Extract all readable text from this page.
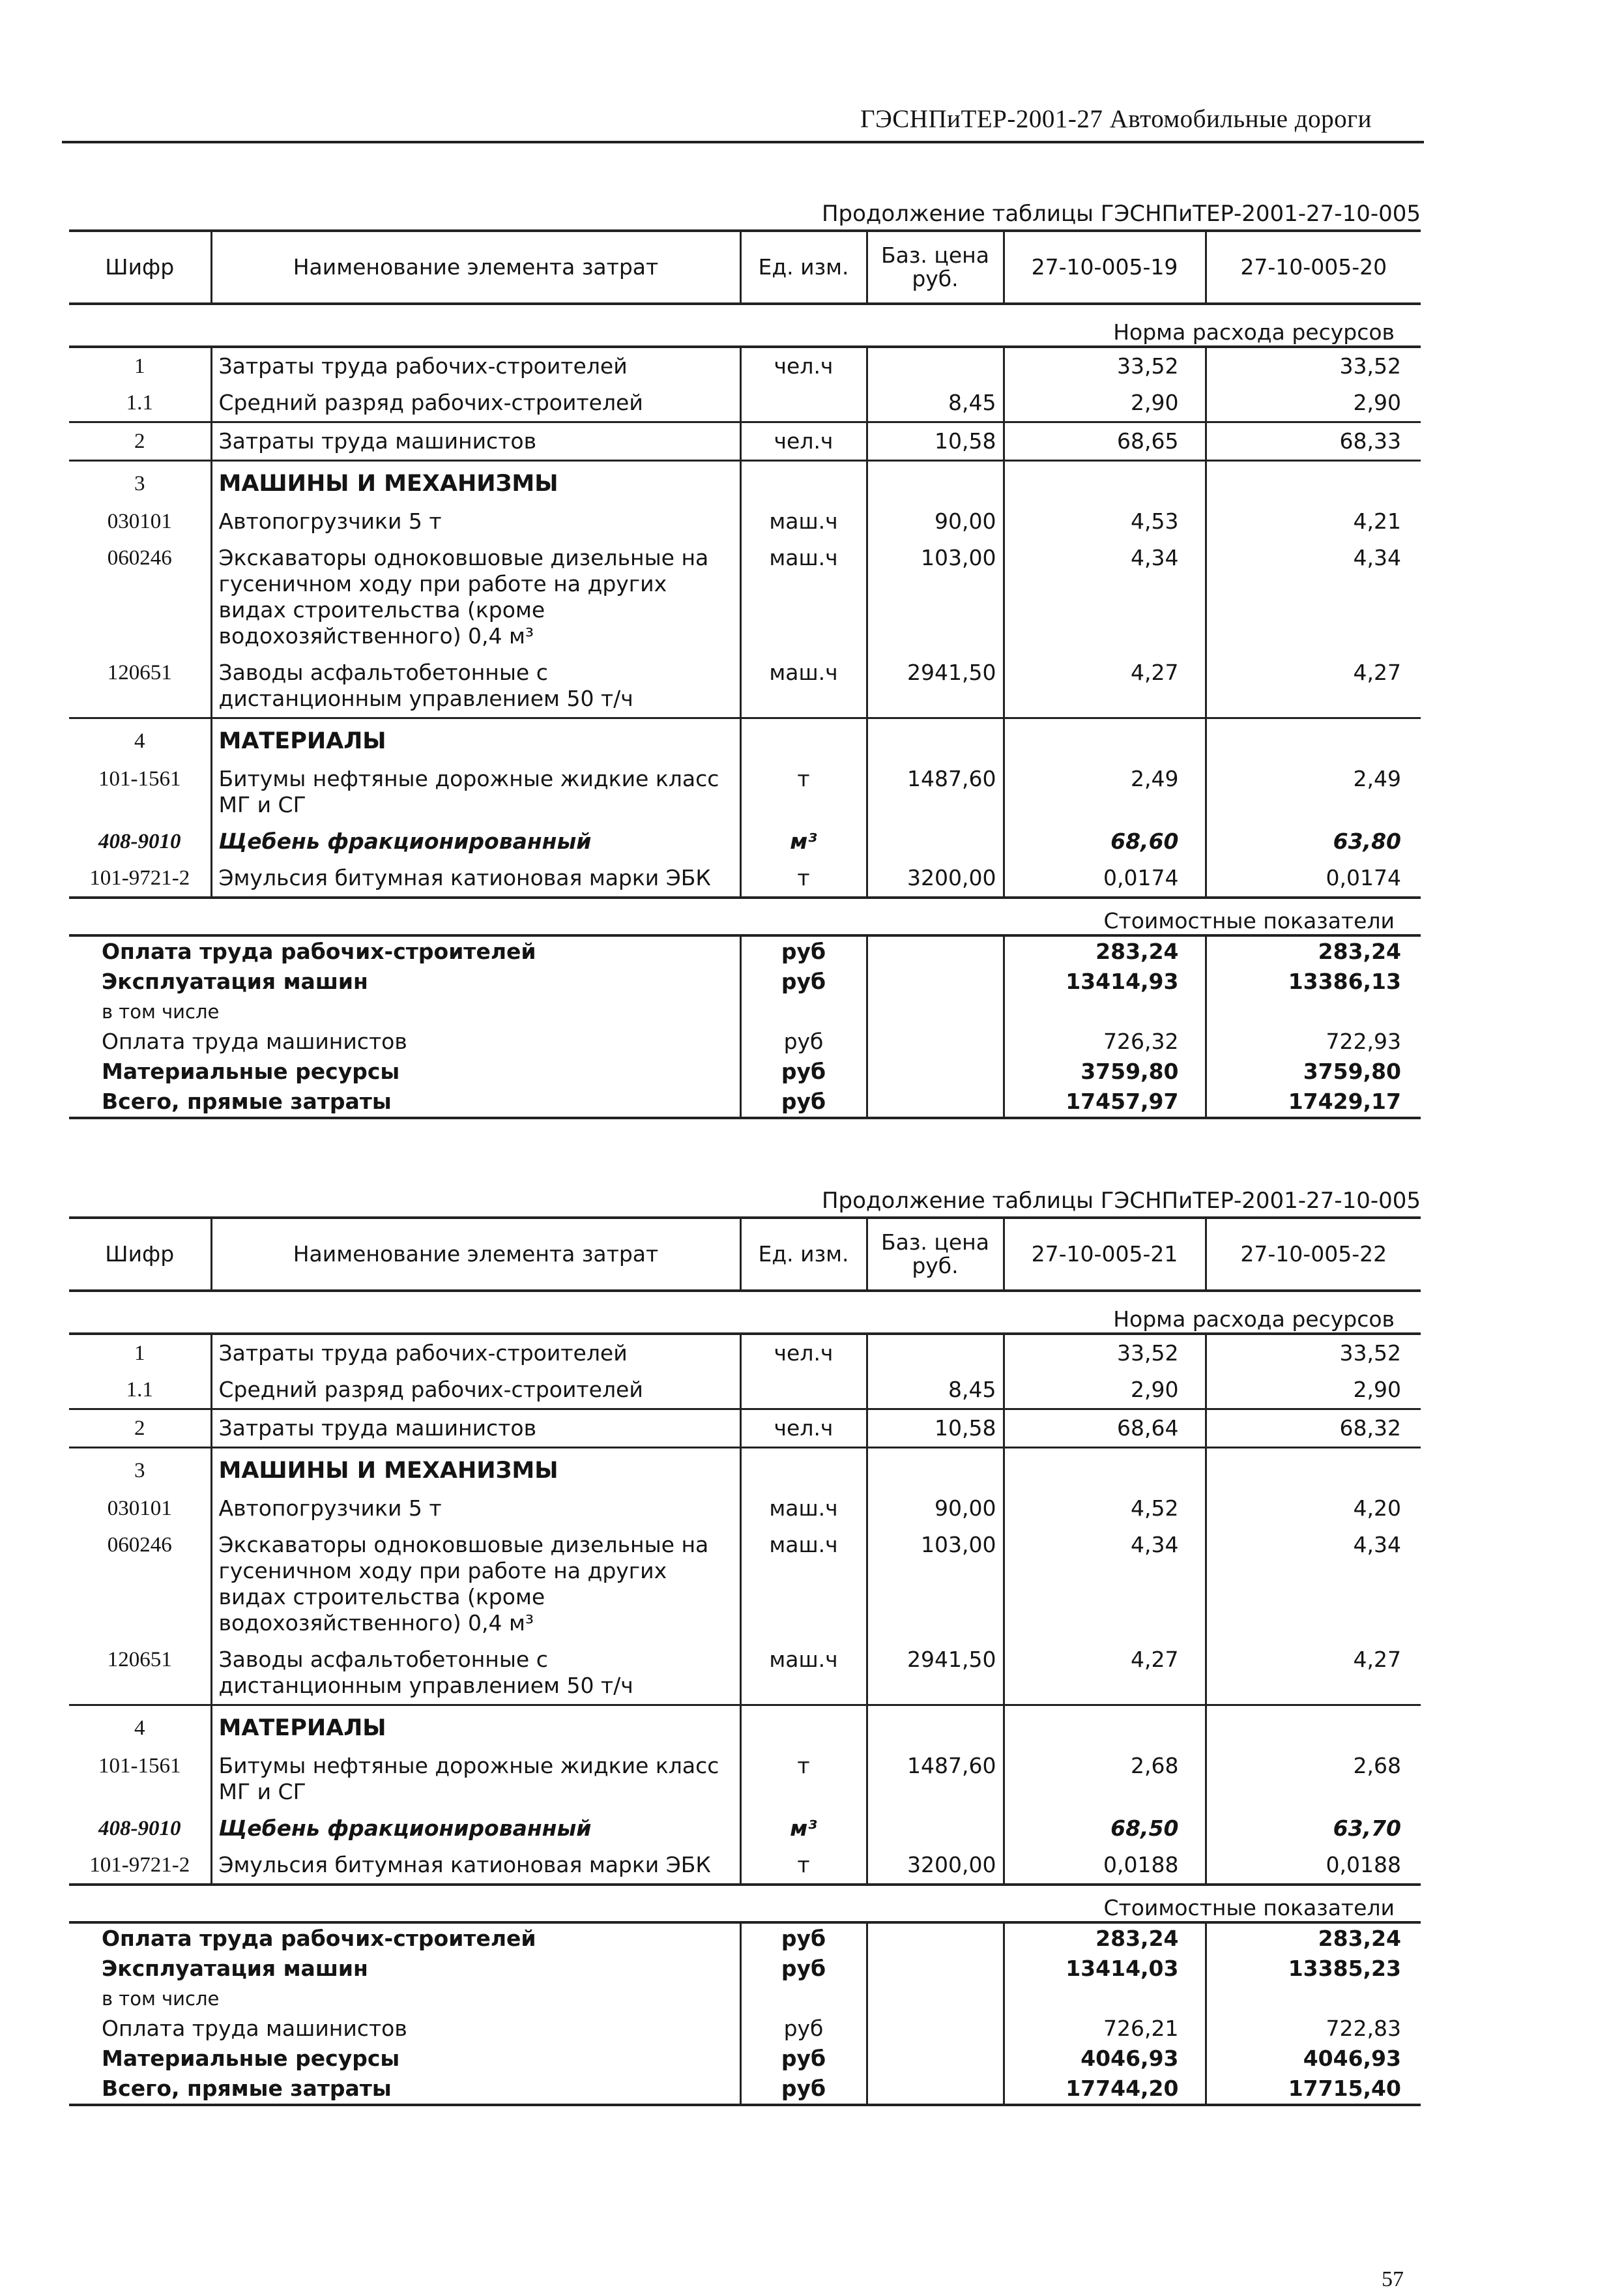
ГЭСНПиТЕР-2001-27 Автомобильные дороги
Продолжение таблицы ГЭСНПиТЕР-2001-27-10-005
Шифр	Наименование элемента затрат	Ед. изм.	Баз. цена руб.	27-10-005-19	27-10-005-20
Норма расхода ресурсов					
1	Затраты труда рабочих-строителей	чел.ч		33,52	33,52
1.1	Средний разряд рабочих-строителей		8,45	2,90	2,90
2	Затраты труда машинистов	чел.ч	10,58	68,65	68,33
3	МАШИНЫ И МЕХАНИЗМЫ				
030101	Автопогрузчики 5 т	маш.ч	90,00	4,53	4,21
060246	Экскаваторы одноковшовые дизельные на гусеничном ходу при работе на других видах строительства (кроме водохозяйственного) 0,4 м³	маш.ч	103,00	4,34	4,34
120651	Заводы асфальтобетонные с дистанционным управлением 50 т/ч	маш.ч	2941,50	4,27	4,27
4	МАТЕРИАЛЫ				
101-1561	Битумы нефтяные дорожные жидкие класс МГ и СГ	т	1487,60	2,49	2,49
408-9010	Щебень фракционированный	м³		68,60	63,80
101-9721-2	Эмульсия битумная катионовая марки ЭБК	т	3200,00	0,0174	0,0174
Стоимостные показатели					
Оплата труда рабочих-строителей		руб		283,24	283,24
Эксплуатация машин		руб		13414,93	13386,13
в том числе					
Оплата труда машинистов		руб		726,32	722,93
Материальные ресурсы		руб		3759,80	3759,80
Всего, прямые затраты		руб		17457,97	17429,17
Продолжение таблицы ГЭСНПиТЕР-2001-27-10-005
Шифр	Наименование элемента затрат	Ед. изм.	Баз. цена руб.	27-10-005-21	27-10-005-22
Норма расхода ресурсов					
1	Затраты труда рабочих-строителей	чел.ч		33,52	33,52
1.1	Средний разряд рабочих-строителей		8,45	2,90	2,90
2	Затраты труда машинистов	чел.ч	10,58	68,64	68,32
3	МАШИНЫ И МЕХАНИЗМЫ				
030101	Автопогрузчики 5 т	маш.ч	90,00	4,52	4,20
060246	Экскаваторы одноковшовые дизельные на гусеничном ходу при работе на других видах строительства (кроме водохозяйственного) 0,4 м³	маш.ч	103,00	4,34	4,34
120651	Заводы асфальтобетонные с дистанционным управлением 50 т/ч	маш.ч	2941,50	4,27	4,27
4	МАТЕРИАЛЫ				
101-1561	Битумы нефтяные дорожные жидкие класс МГ и СГ	т	1487,60	2,68	2,68
408-9010	Щебень фракционированный	м³		68,50	63,70
101-9721-2	Эмульсия битумная катионовая марки ЭБК	т	3200,00	0,0188	0,0188
Стоимостные показатели					
Оплата труда рабочих-строителей		руб		283,24	283,24
Эксплуатация машин		руб		13414,03	13385,23
в том числе					
Оплата труда машинистов		руб		726,21	722,83
Материальные ресурсы		руб		4046,93	4046,93
Всего, прямые затраты		руб		17744,20	17715,40
57
